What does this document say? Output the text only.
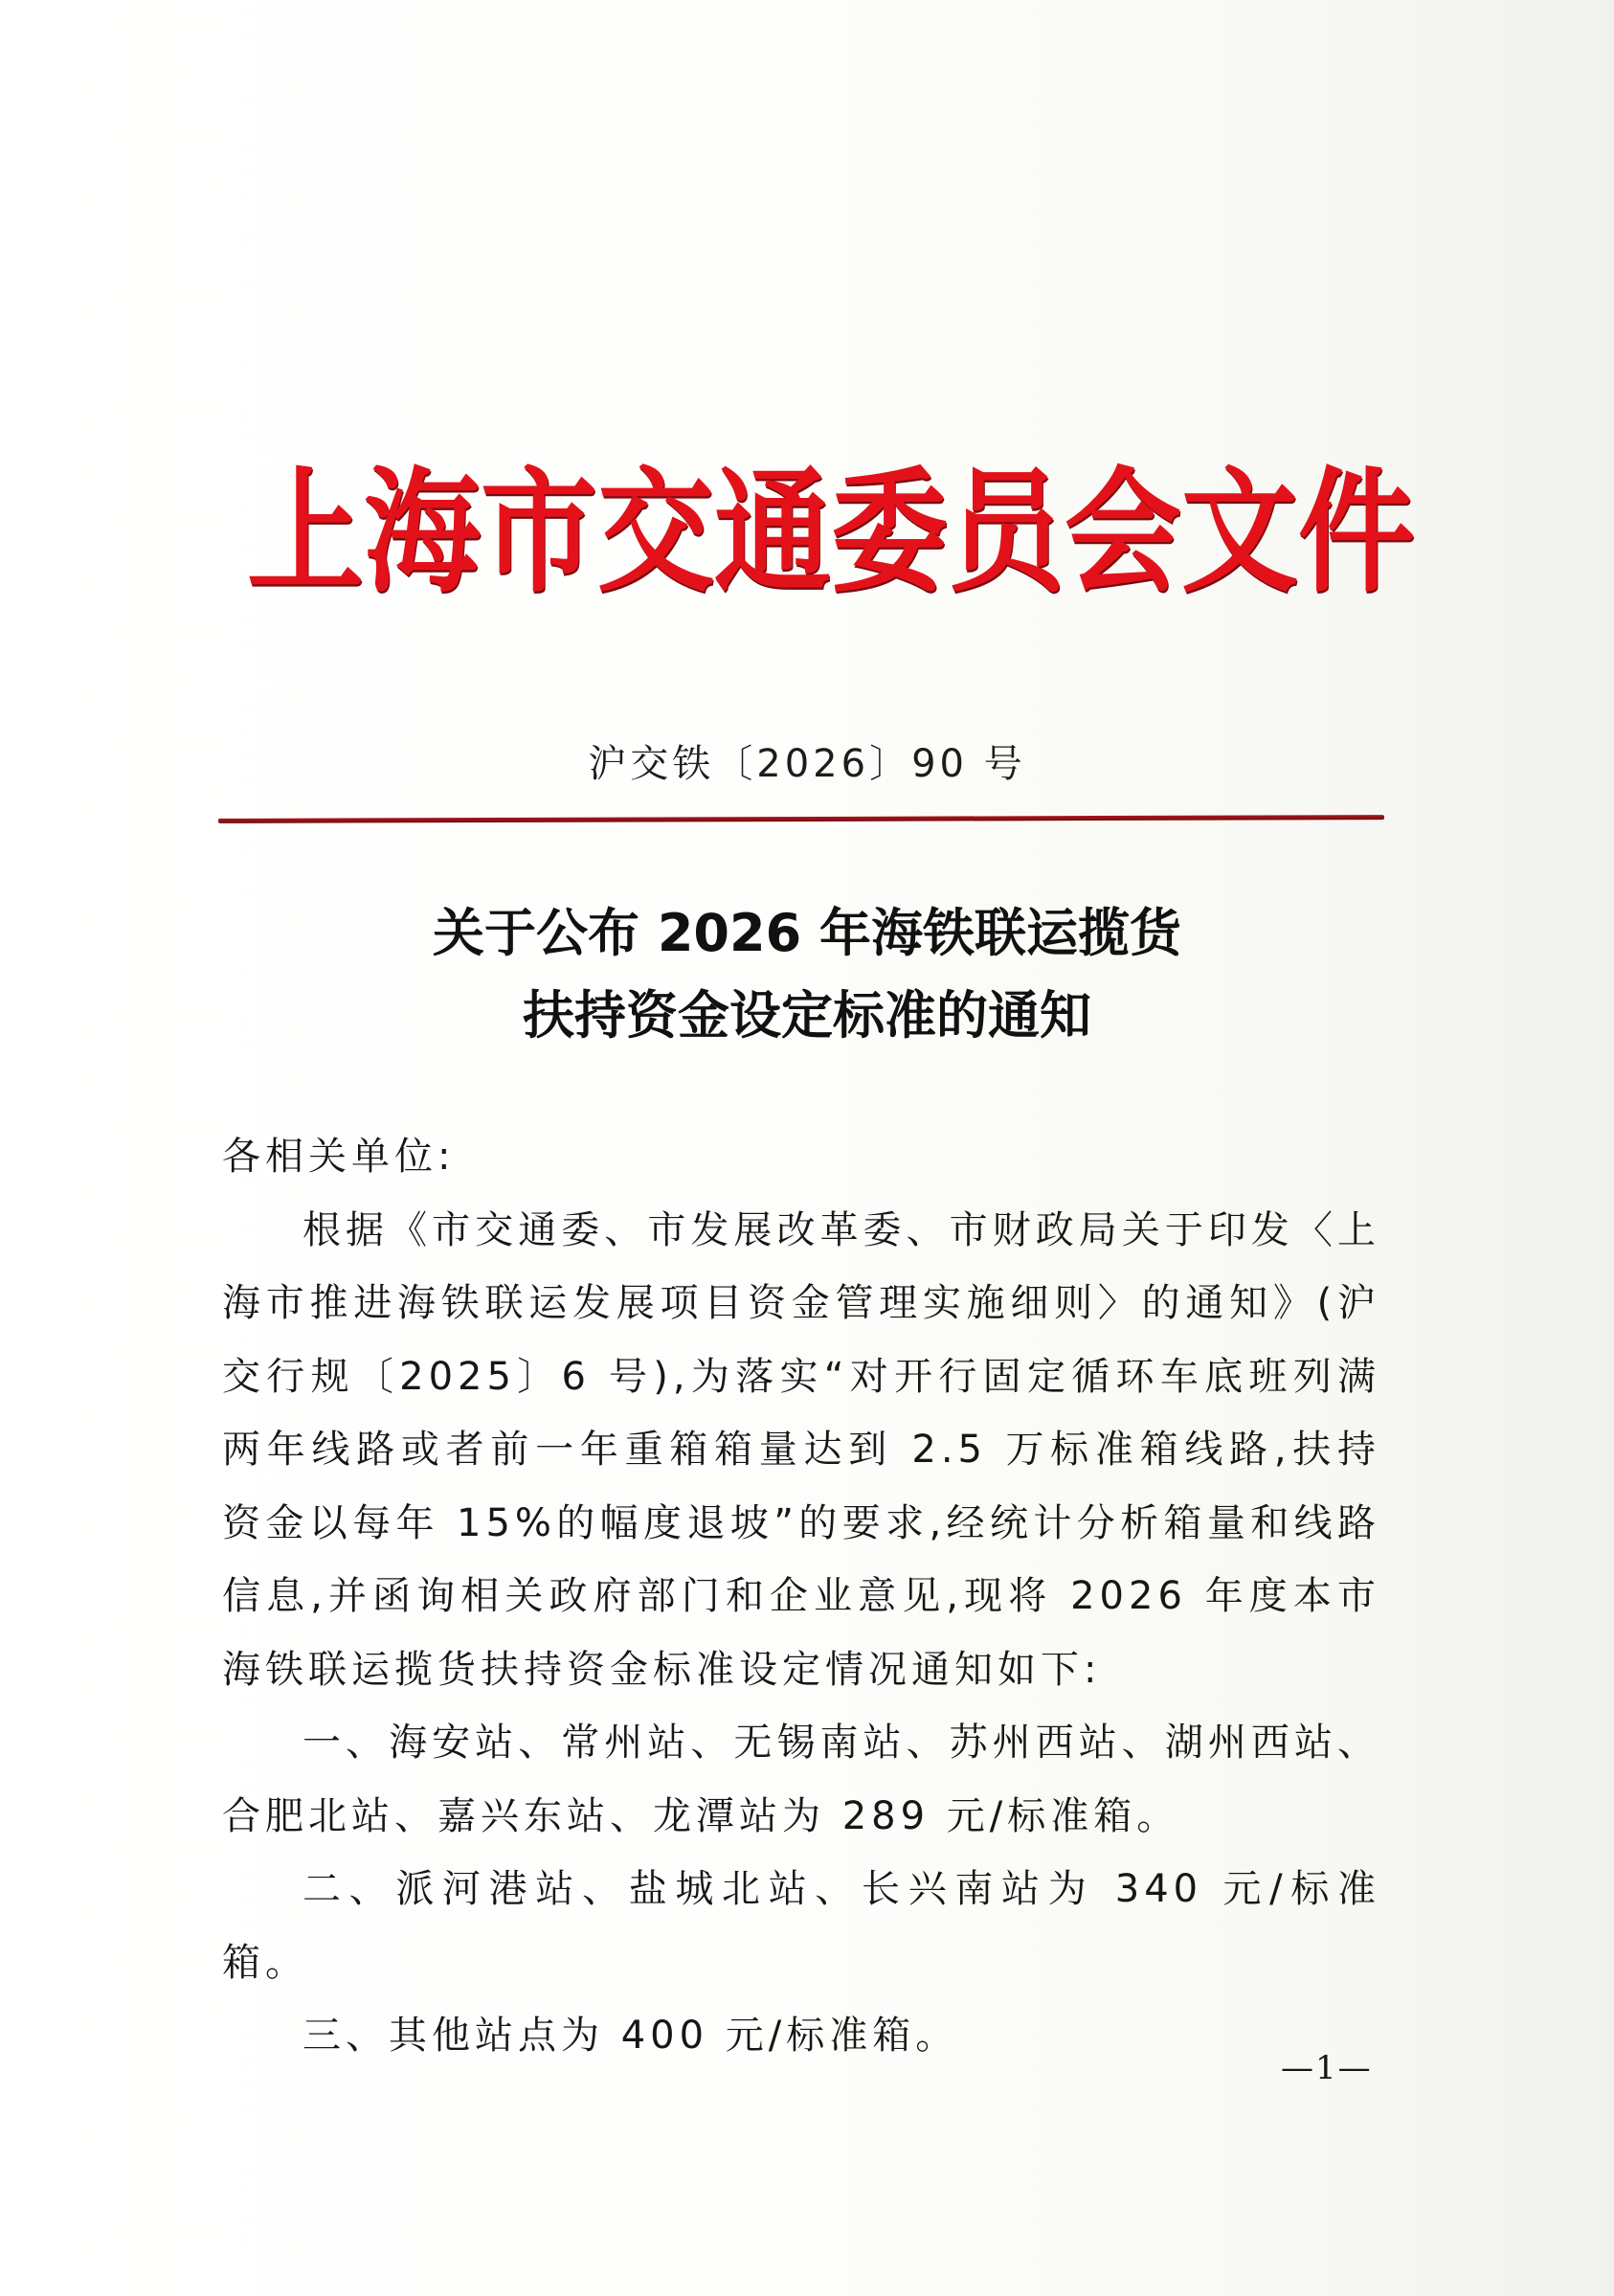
上 海 市 交 通 委 员 会 文 件
沪交铁〔2026〕90 号
关于公布 2026 年海铁联运揽货
扶持资金设定标准的通知

各相关单位:

根据《市交通委、市发展改革委、市财政局关于印发〈上海市推进海铁联运发展项目资金管理实施细则〉的通知》(沪交行规〔2025〕6 号),为落实“对开行固定循环车底班列满两年线路或者前一年重箱箱量达到 2.5 万标准箱线路,扶持资金以每年 15%的幅度退坡”的要求,经统计分析箱量和线路信息,并函询相关政府部门和企业意见,现将 2026 年度本市海铁联运揽货扶持资金标准设定情况通知如下:

一、海安站、常州站、无锡南站、苏州西站、湖州西站、合肥北站、嘉兴东站、龙潭站为 289 元/标准箱。

二、派河港站、盐城北站、长兴南站为 340 元/标准箱。

三、其他站点为 400 元/标准箱。

—1—
